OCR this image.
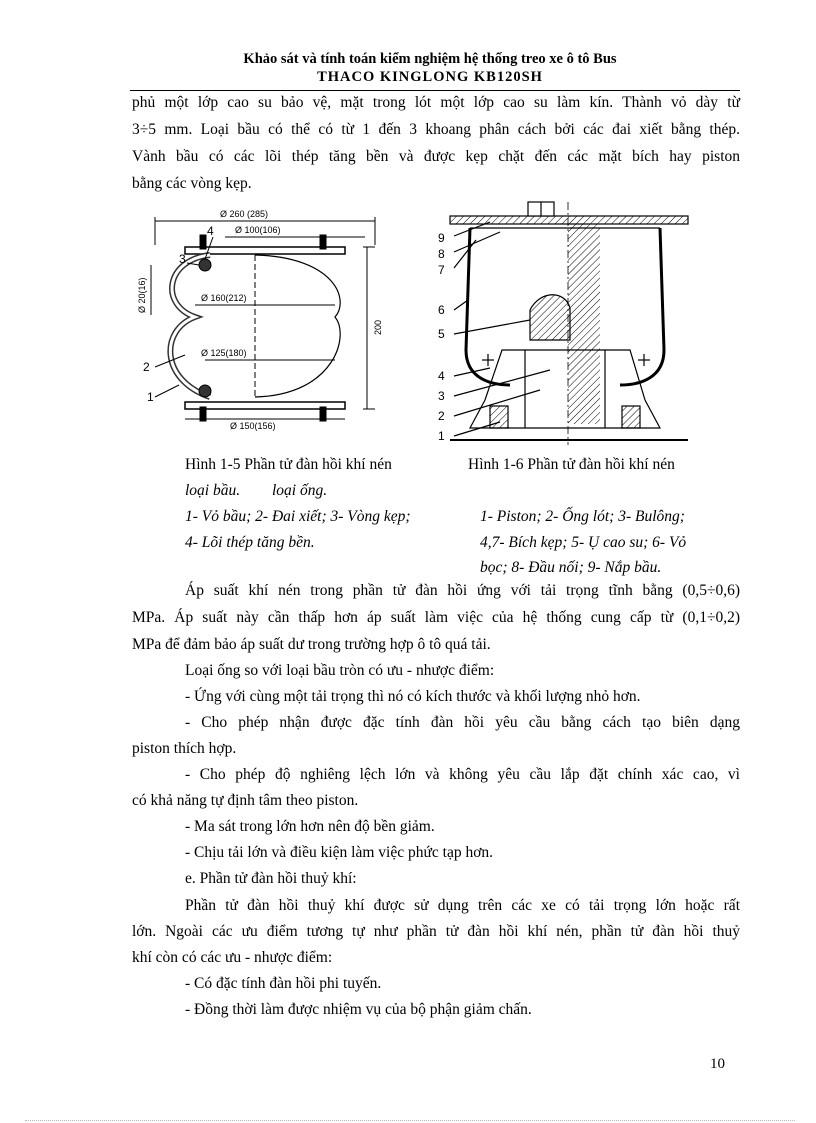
Khảo sát và tính toán kiểm nghiệm hệ thống treo xe ô tô Bus
THACO KINGLONG KB120SH
phủ một lớp cao su bảo vệ, mặt trong lót một lớp cao su làm kín. Thành vỏ dày từ
3÷5 mm. Loại bầu có thể có từ 1 đến 3 khoang phân cách bởi các đai xiết bằng thép.
Vành bầu có các lõi thép tăng bền và được kẹp chặt đến các mặt bích hay piston
bằng các vòng kẹp.
Ø 260 (285)
Ø 100(106)
Ø 20(16)	Ø 160(212)
Ø 125(180)
Ø 150(156)
200
4
3
2
1
9
8
7
6
5
4
3
2
1
Hình 1-5 Phần tử đàn hồi khí nén	Hình 1-6 Phần tử đàn hồi khí nén
loại bầu. loại ống.
1- Vỏ bầu; 2- Đai xiết; 3- Vòng kẹp;	1- Piston; 2- Ống lót; 3- Bulông;
4- Lõi thép tăng bền.	4,7- Bích kẹp; 5- Ụ cao su; 6- Vỏ
bọc; 8- Đầu nối; 9- Nắp bầu.
Áp suất khí nén trong phần tử đàn hồi ứng với tải trọng tĩnh bằng (0,5÷0,6)
MPa. Áp suất này cần thấp hơn áp suất làm việc của hệ thống cung cấp từ (0,1÷0,2)
MPa để đảm bảo áp suất dư trong trường hợp ô tô quá tải.
Loại ống so với loại bầu tròn có ưu - nhược điểm:
- Ứng với cùng một tải trọng thì nó có kích thước và khối lượng nhỏ hơn.
- Cho phép nhận được đặc tính đàn hồi yêu cầu bằng cách tạo biên dạng
piston thích hợp.
- Cho phép độ nghiêng lệch lớn và không yêu cầu lắp đặt chính xác cao, vì
có khả năng tự định tâm theo piston.
- Ma sát trong lớn hơn nên độ bền giảm.
- Chịu tải lớn và điều kiện làm việc phức tạp hơn.
e. Phần tử đàn hồi thuỷ khí:
Phần tử đàn hồi thuỷ khí được sử dụng trên các xe có tải trọng lớn hoặc rất
lớn. Ngoài các ưu điểm tương tự như phần tử đàn hồi khí nén, phần tử đàn hồi thuỷ
khí còn có các ưu - nhược điểm:
- Có đặc tính đàn hồi phi tuyến.
- Đồng thời làm được nhiệm vụ của bộ phận giảm chấn.
10
